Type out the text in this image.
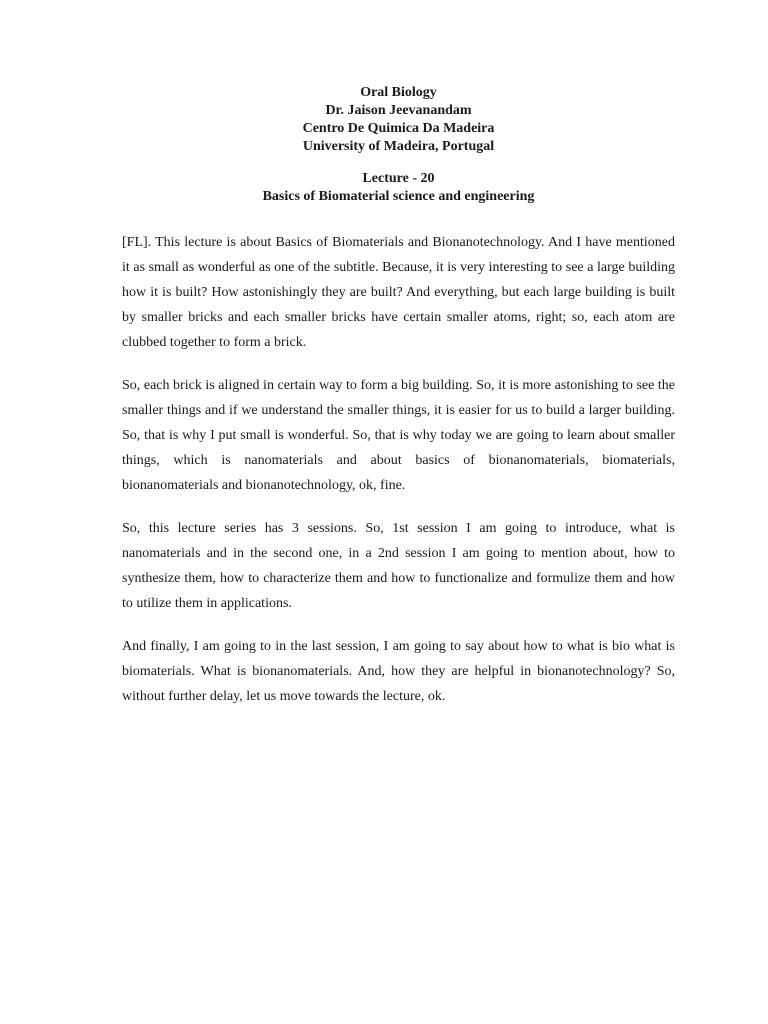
Oral Biology
Dr. Jaison Jeevanandam
Centro De Quimica Da Madeira
University of Madeira, Portugal
Lecture - 20
Basics of Biomaterial science and engineering

[FL]. This lecture is about Basics of Biomaterials and Bionanotechnology. And I have mentioned it as small as wonderful as one of the subtitle. Because, it is very interesting to see a large building how it is built? How astonishingly they are built? And everything, but each large building is built by smaller bricks and each smaller bricks have certain smaller atoms, right; so, each atom are clubbed together to form a brick.

So, each brick is aligned in certain way to form a big building. So, it is more astonishing to see the smaller things and if we understand the smaller things, it is easier for us to build a larger building. So, that is why I put small is wonderful. So, that is why today we are going to learn about smaller things, which is nanomaterials and about basics of bionanomaterials, biomaterials, bionanomaterials and bionanotechnology, ok, fine.

So, this lecture series has 3 sessions. So, 1st session I am going to introduce, what is nanomaterials and in the second one, in a 2nd session I am going to mention about, how to synthesize them, how to characterize them and how to functionalize and formulize them and how to utilize them in applications.

And finally, I am going to in the last session, I am going to say about how to what is bio what is biomaterials. What is bionanomaterials. And, how they are helpful in bionanotechnology? So, without further delay, let us move towards the lecture, ok.
